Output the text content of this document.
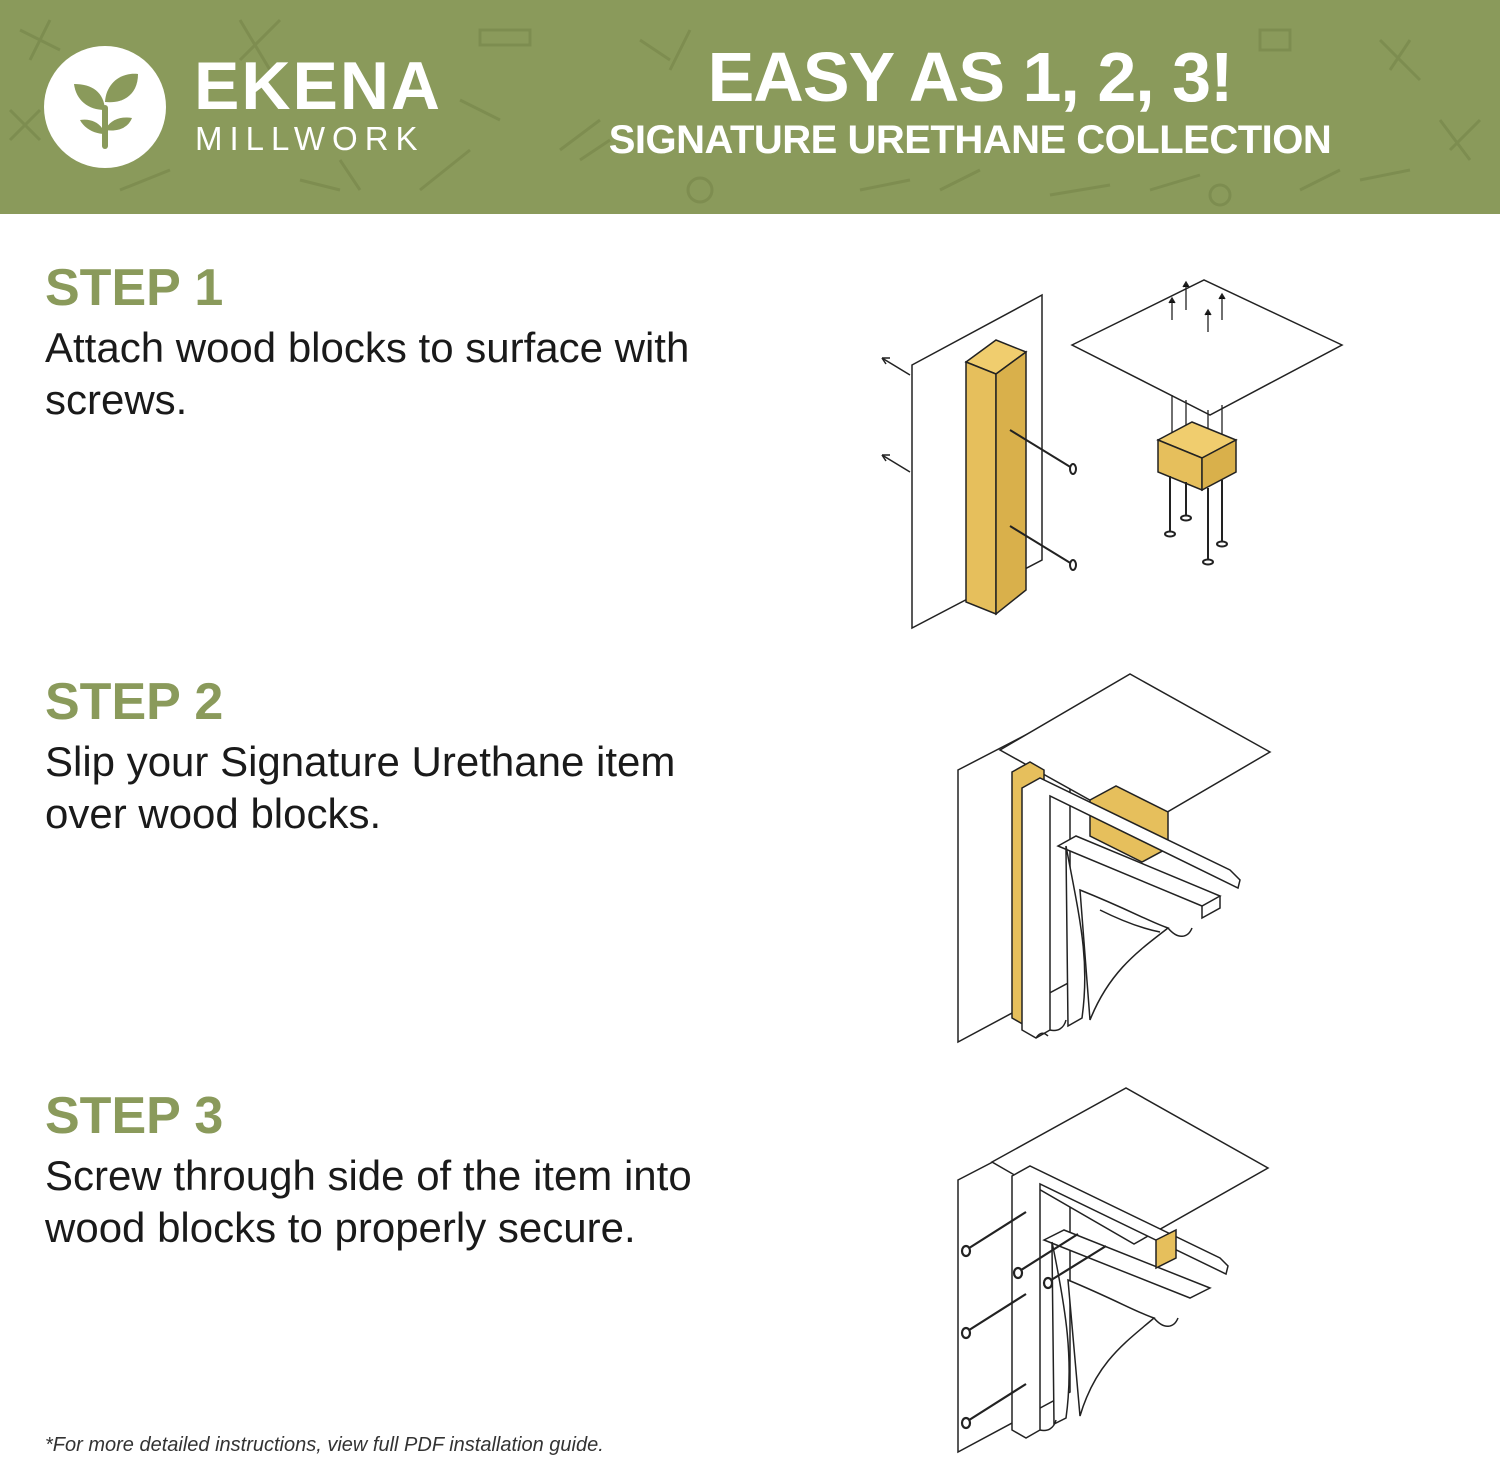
EKENA
MILLWORK
EASY AS 1, 2, 3!
SIGNATURE URETHANE COLLECTION
STEP 1
Attach wood blocks to surface with screws.
STEP 2
Slip your Signature Urethane item over wood blocks.
STEP 3
Screw through side of the item into wood blocks to properly secure.
*For more detailed instructions, view full PDF installation guide.
